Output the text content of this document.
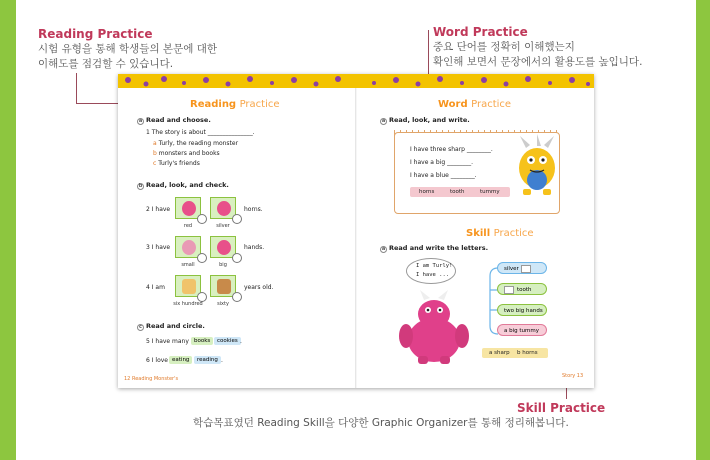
Reading Practice
시험 유형을 통해 학생들의 본문에 대한
이해도를 점검할 수 있습니다.
Word Practice
중요 단어를 정확히 이해했는지
확인해 보면서 문장에서의 활용도를 높입니다.
Skill Practice
학습목표였던 Reading Skill을 다양한 Graphic Organizer를 통해 정리해봅니다.
Reading Practice
a Read and choose.
1 The story is about _______________.
a Turly, the reading monster
b monsters and books
c Turly's friends
b Read, look, and check.
2 I have
red	silver
horns.
3 I have
small	big
hands.
4 I am
six hundred	sixty
years old.
c Read and circle.
5 I have many books	cookies .
6 I love eating	reading .
12 Reading Monster's
Word Practice
a Read, look, and write.
I have three sharp ________.
I have a big ________.
I have a blue ________.
horns	tooth	tummy
Skill Practice
a Read and write the letters.
I am Turly!
I have ...
silver
tooth
two big hands
a big tummy
a sharp b horns
Story 13
